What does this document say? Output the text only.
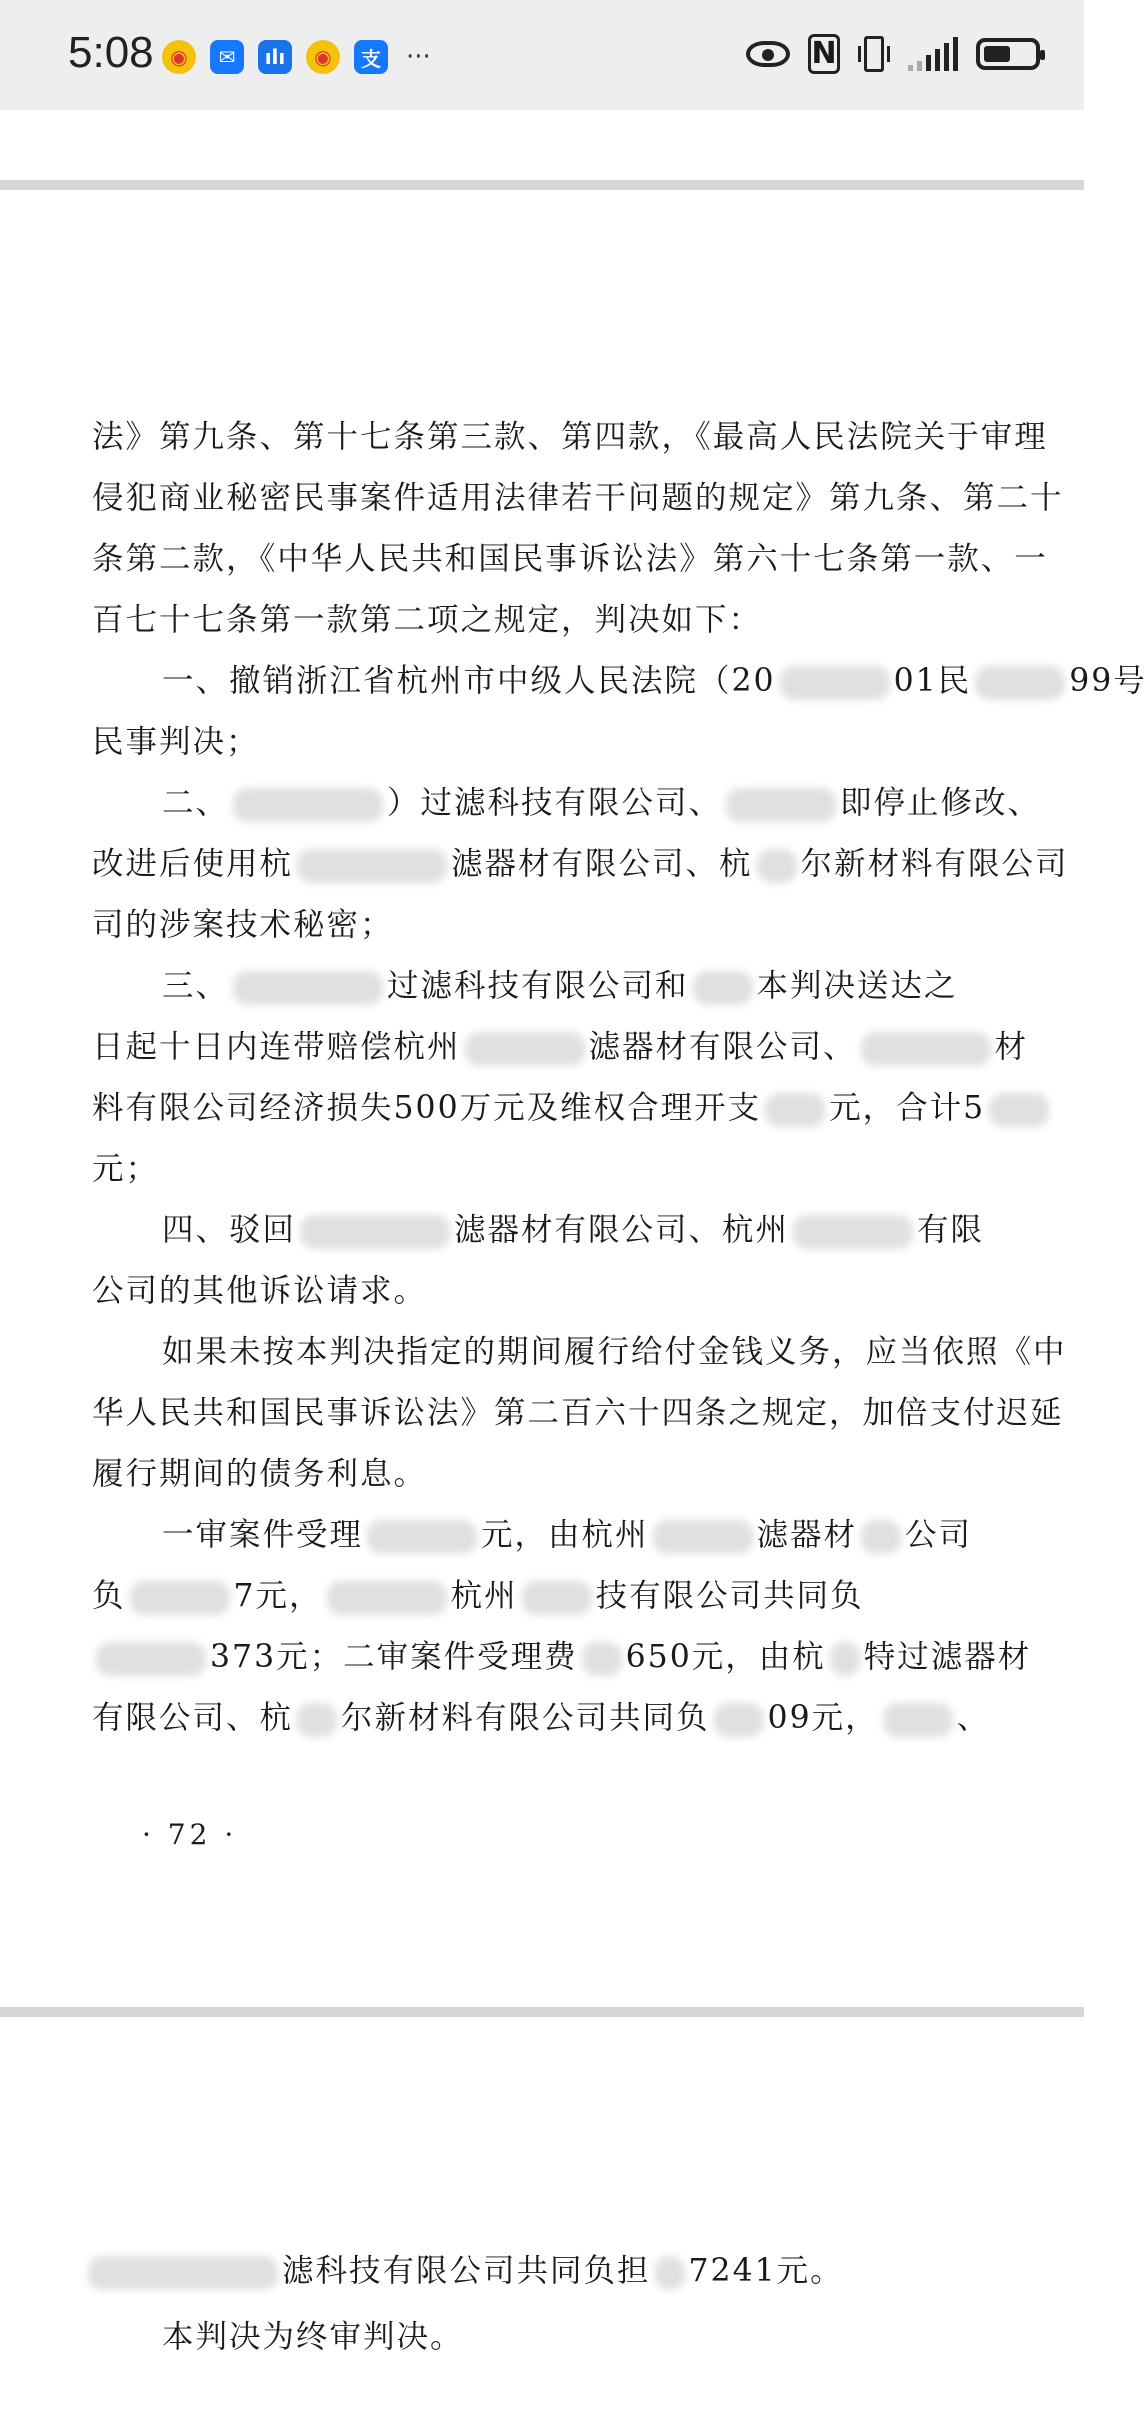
5:08 ◉	✉	ılı	◉	支 ···	N

法》第九条、第十七条第三款、第四款，《最高人民法院关于审理

侵犯商业秘密民事案件适用法律若干问题的规定》第九条、第二十

条第二款，《中华人民共和国民事诉讼法》第六十七条第一款、一

百七十七条第一款第二项之规定，判决如下：

一、撤销浙江省杭州市中级人民法院（20	01民	99号

民事判决；

二、	）过滤科技有限公司、	即停止修改、

改进后使用杭	滤器材有限公司、杭 尔新材料有限公司

司的涉案技术秘密；

三、	过滤科技有限公司和 本判决送达之

日起十日内连带赔偿杭州	滤器材有限公司、	材

料有限公司经济损失500万元及维权合理开支 元，合计5

元；

四、驳回	滤器材有限公司、杭州	有限

公司的其他诉讼请求。

如果未按本判决指定的期间履行给付金钱义务，应当依照《中

华人民共和国民事诉讼法》第二百六十四条之规定，加倍支付迟延

履行期间的债务利息。

一审案件受理	元，由杭州	滤器材 公司

负	7元，	杭州 技有限公司共同负

373元；二审案件受理费 650元，由杭 特过滤器材

有限公司、杭 尔新材料有限公司共同负 09元， 、

· 72 ·

滤科技有限公司共同负担 7241元。

本判决为终审判决。
